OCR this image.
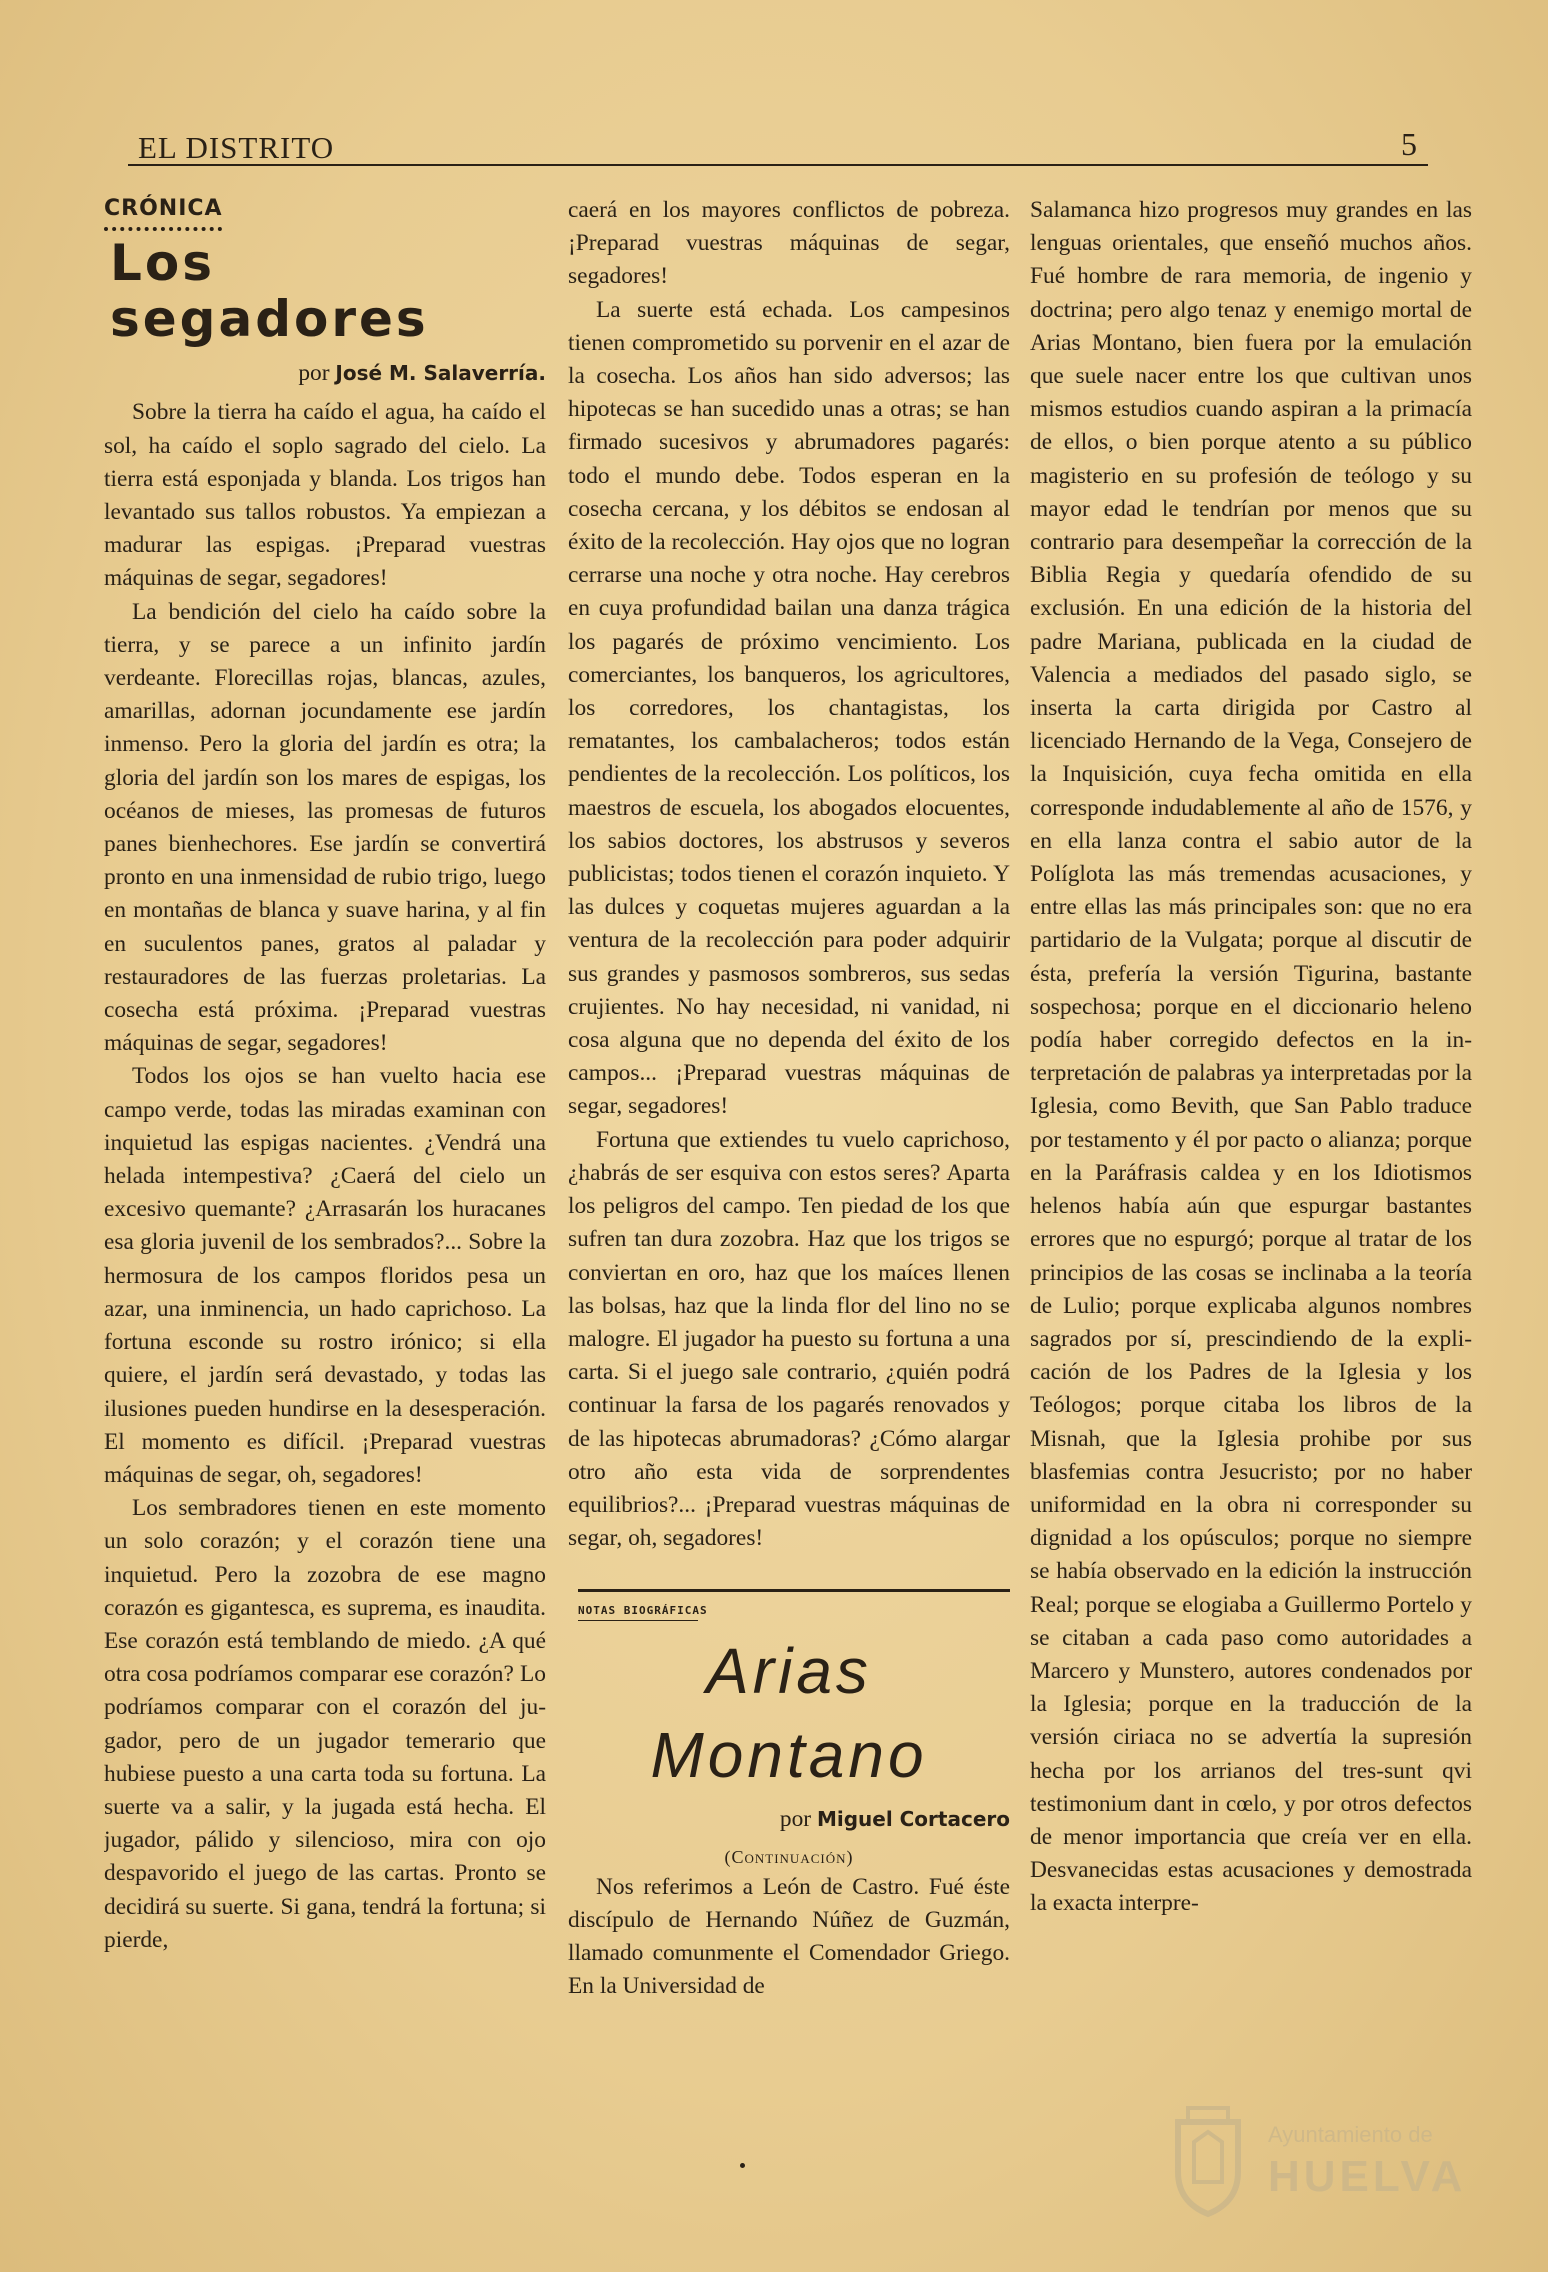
EL DISTRITO	5
CRÓNICA
Los segadores
por José M. Salaverría.

Sobre la tierra ha caído el agua, ha caído el sol, ha caído el soplo sagrado del cielo. La tierra está esponjada y blanda. Los trigos han levantado sus tallos robustos. Ya empiezan a madurar las espigas. ¡Preparad vuestras máquinas de segar, segadores!

La bendición del cielo ha caído sobre la tierra, y se parece a un infinito jardín verdeante. Florecillas rojas, blancas, azules, amarillas, adornan jocundamente ese jardín inmenso. Pero la gloria del jardín es otra; la gloria del jardín son los mares de espigas, los océanos de mieses, las promesas de futuros panes bienhechores. Ese jardín se convertirá pronto en una inmensidad de rubio trigo, luego en montañas de blanca y suave harina, y al fin en suculentos panes, gratos al paladar y restauradores de las fuerzas proletarias. La cosecha está próxima. ¡Preparad vuestras máquinas de segar, segadores!

Todos los ojos se han vuelto hacia ese campo verde, todas las miradas examinan con inquietud las espigas nacientes. ¿Vendrá una helada intempestiva? ¿Caerá del cielo un excesivo quemante? ¿Arrasarán los huracanes esa gloria juvenil de los sembrados?... Sobre la hermosura de los campos floridos pesa un azar, una inminencia, un hado caprichoso. La fortuna esconde su rostro irónico; si ella quiere, el jardín será devastado, y todas las ilusiones pueden hundirse en la desesperación. El momento es difícil. ¡Preparad vuestras máquinas de segar, oh, segadores!

Los sembradores tienen en este momento un solo corazón; y el corazón tiene una inquietud. Pero la zozobra de ese magno corazón es gigantesca, es suprema, es inaudita. Ese corazón está temblando de miedo. ¿A qué otra cosa podríamos comparar ese corazón? Lo podríamos comparar con el corazón del jugador, pero de un jugador temerario que hubiese puesto a una carta toda su fortuna. La suerte va a salir, y la jugada está hecha. El jugador, pálido y silencioso, mira con ojo despavorido el juego de las cartas. Pronto se decidirá su suerte. Si gana, tendrá la fortuna; si pierde,

caerá en los mayores conflictos de pobreza. ¡Preparad vuestras máquinas de segar, segadores!

La suerte está echada. Los campesinos tienen comprometido su porvenir en el azar de la cosecha. Los años han sido adversos; las hipotecas se han sucedido unas a otras; se han firmado sucesivos y abrumadores pagarés: todo el mundo debe. Todos esperan en la cosecha cercana, y los débitos se endosan al éxito de la recolección. Hay ojos que no logran cerrarse una noche y otra noche. Hay cerebros en cuya profundidad bailan una danza trágica los pagarés de próximo vencimiento. Los comerciantes, los banqueros, los agricultores, los corredores, los chantagistas, los rematantes, los cambalacheros; todos están pendientes de la recolección. Los políticos, los maestros de escuela, los abogados elocuentes, los sabios doctores, los abstrusos y severos publicistas; todos tienen el corazón inquieto. Y las dulces y coquetas mujeres aguardan a la ventura de la recolección para poder adquirir sus grandes y pasmosos sombreros, sus sedas crujientes. No hay necesidad, ni vanidad, ni cosa alguna que no dependa del éxito de los campos... ¡Preparad vuestras máquinas de segar, segadores!

Fortuna que extiendes tu vuelo caprichoso, ¿habrás de ser esquiva con estos seres? Aparta los peligros del campo. Ten piedad de los que sufren tan dura zozobra. Haz que los trigos se conviertan en oro, haz que los maíces llenen las bolsas, haz que la linda flor del lino no se malogre. El jugador ha puesto su fortuna a una carta. Si el juego sale contrario, ¿quién podrá continuar la farsa de los pagarés renovados y de las hipotecas abrumadoras? ¿Cómo alargar otro año esta vida de sorprendentes equilibrios?... ¡Preparad vuestras máquinas de segar, oh, segadores!

NOTAS BIOGRÁFICAS
Arias Montano
por Miguel Cortacero
(Continuación)

Nos referimos a León de Castro. Fué éste discípulo de Hernando Núñez de Guzmán, llamado comunmente el Comendador Griego. En la Universidad de

Salamanca hizo progresos muy grandes en las lenguas orientales, que enseñó muchos años. Fué hombre de rara memoria, de ingenio y doctrina; pero algo tenaz y enemigo mortal de Arias Montano, bien fuera por la emulación que suele nacer entre los que cultivan unos mismos estudios cuando aspiran a la primacía de ellos, o bien porque atento a su público magisterio en su profesión de teólogo y su mayor edad le tendrían por menos que su contrario para desempeñar la corrección de la Biblia Regia y quedaría ofendido de su exclusión. En una edición de la historia del padre Mariana, publicada en la ciudad de Valencia a mediados del pasado siglo, se inserta la carta dirigida por Castro al licenciado Hernando de la Vega, Consejero de la Inquisición, cuya fecha omitida en ella corresponde indudablemente al año de 1576, y en ella lanza contra el sabio autor de la Políglota las más tremendas acusaciones, y entre ellas las más principales son: que no era partidario de la Vulgata; porque al discutir de ésta, prefería la versión Tigurina, bastante sospechosa; porque en el diccionario heleno podía haber corregido defectos en la interpretación de palabras ya interpretadas por la Iglesia, como Bevith, que San Pablo traduce por testamento y él por pacto o alianza; porque en la Paráfrasis caldea y en los Idiotismos helenos había aún que espurgar bastantes errores que no espurgó; porque al tratar de los principios de las cosas se inclinaba a la teoría de Lulio; porque explicaba algunos nombres sagrados por sí, prescindiendo de la explicación de los Padres de la Iglesia y los Teólogos; porque citaba los libros de la Misnah, que la Iglesia prohibe por sus blasfemias contra Jesucristo; por no haber uniformidad en la obra ni corresponder su dignidad a los opúsculos; porque no siempre se había observado en la edición la instrucción Real; porque se elogiaba a Guillermo Portelo y se citaban a cada paso como autoridades a Marcero y Munstero, autores condenados por la Iglesia; porque en la traducción de la versión ciriaca no se advertía la supresión hecha por los arrianos del tres-sunt qvi testimonium dant in cœlo, y por otros defectos de menor importancia que creía ver en ella. Desvanecidas estas acusaciones y demostrada la exacta interpre-

Ayuntamiento de
HUELVA
